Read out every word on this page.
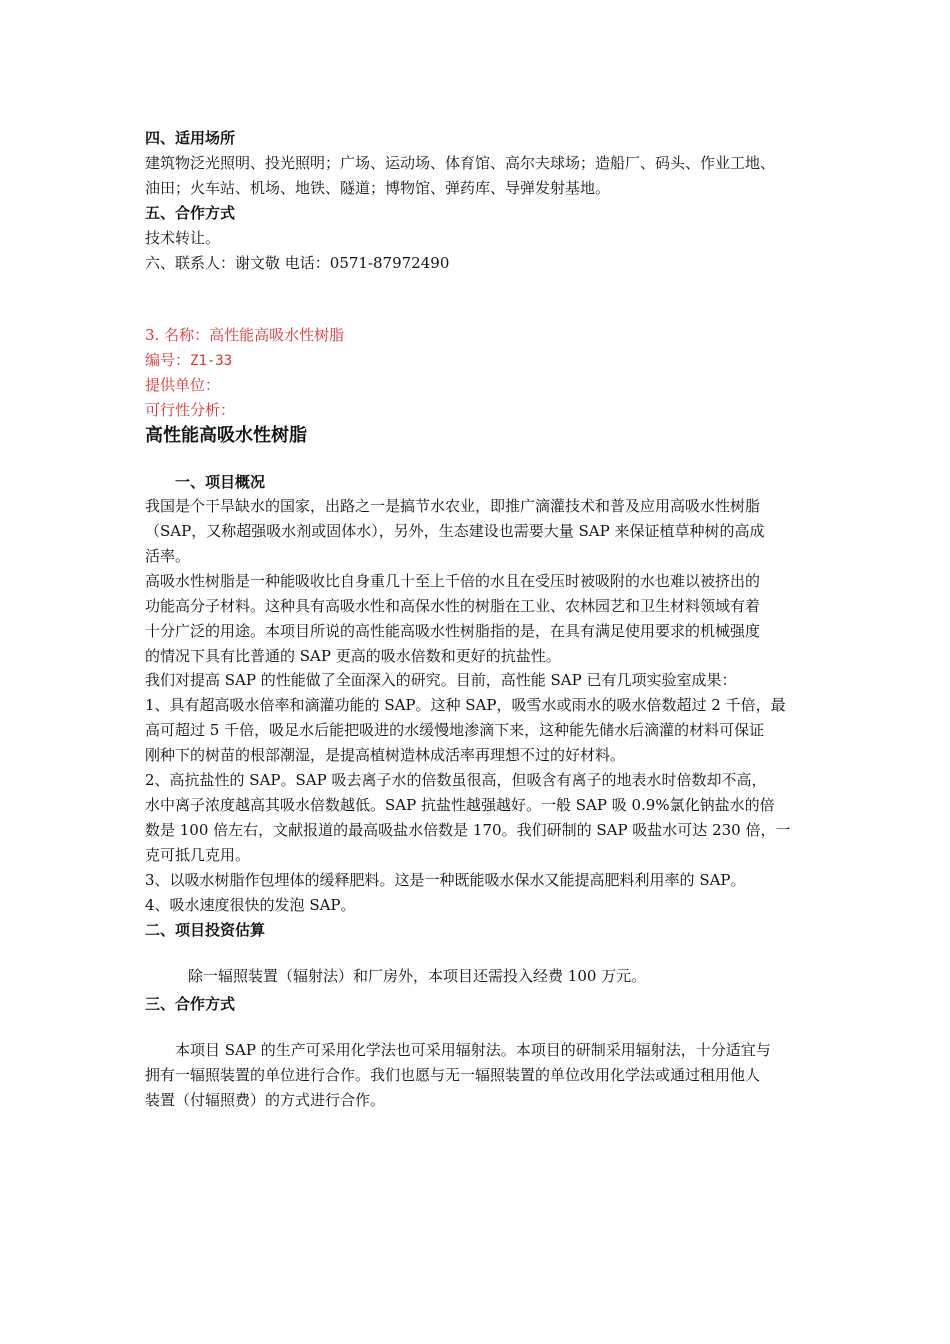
四、适用场所
建筑物泛光照明、投光照明；广场、运动场、体育馆、高尔夫球场；造船厂、码头、作业工地、
油田；火车站、机场、地铁、隧道；博物馆、弹药库、导弹发射基地。
五、合作方式
技术转让。
六、联系人：谢文敬 电话：0571-87972490
3. 名称：高性能高吸水性树脂
编号：Z1-33
提供单位：
可行性分析：
高性能高吸水性树脂
一、项目概况
我国是个干旱缺水的国家，出路之一是搞节水农业，即推广滴灌技术和普及应用高吸水性树脂
（SAP，又称超强吸水剂或固体水），另外，生态建设也需要大量 SAP 来保证植草种树的高成
活率。
高吸水性树脂是一种能吸收比自身重几十至上千倍的水且在受压时被吸附的水也难以被挤出的
功能高分子材料。这种具有高吸水性和高保水性的树脂在工业、农林园艺和卫生材料领域有着
十分广泛的用途。本项目所说的高性能高吸水性树脂指的是，在具有满足使用要求的机械强度
的情况下具有比普通的 SAP 更高的吸水倍数和更好的抗盐性。
我们对提高 SAP 的性能做了全面深入的研究。目前，高性能 SAP 已有几项实验室成果：
1、具有超高吸水倍率和滴灌功能的 SAP。这种 SAP，吸雪水或雨水的吸水倍数超过 2 千倍，最
高可超过 5 千倍，吸足水后能把吸进的水缓慢地渗滴下来，这种能先储水后滴灌的材料可保证
刚种下的树苗的根部潮湿，是提高植树造林成活率再理想不过的好材料。
2、高抗盐性的 SAP。SAP 吸去离子水的倍数虽很高，但吸含有离子的地表水时倍数却不高，
水中离子浓度越高其吸水倍数越低。SAP 抗盐性越强越好。一般 SAP 吸 0.9%氯化钠盐水的倍
数是 100 倍左右，文献报道的最高吸盐水倍数是 170。我们研制的 SAP 吸盐水可达 230 倍，一
克可抵几克用。
3、以吸水树脂作包埋体的缓释肥料。这是一种既能吸水保水又能提高肥料利用率的 SAP。
4、吸水速度很快的发泡 SAP。
二、项目投资估算
除一辐照装置（辐射法）和厂房外，本项目还需投入经费 100 万元。
三、合作方式
本项目 SAP 的生产可采用化学法也可采用辐射法。本项目的研制采用辐射法，十分适宜与
拥有一辐照装置的单位进行合作。我们也愿与无一辐照装置的单位改用化学法或通过租用他人
装置（付辐照费）的方式进行合作。
